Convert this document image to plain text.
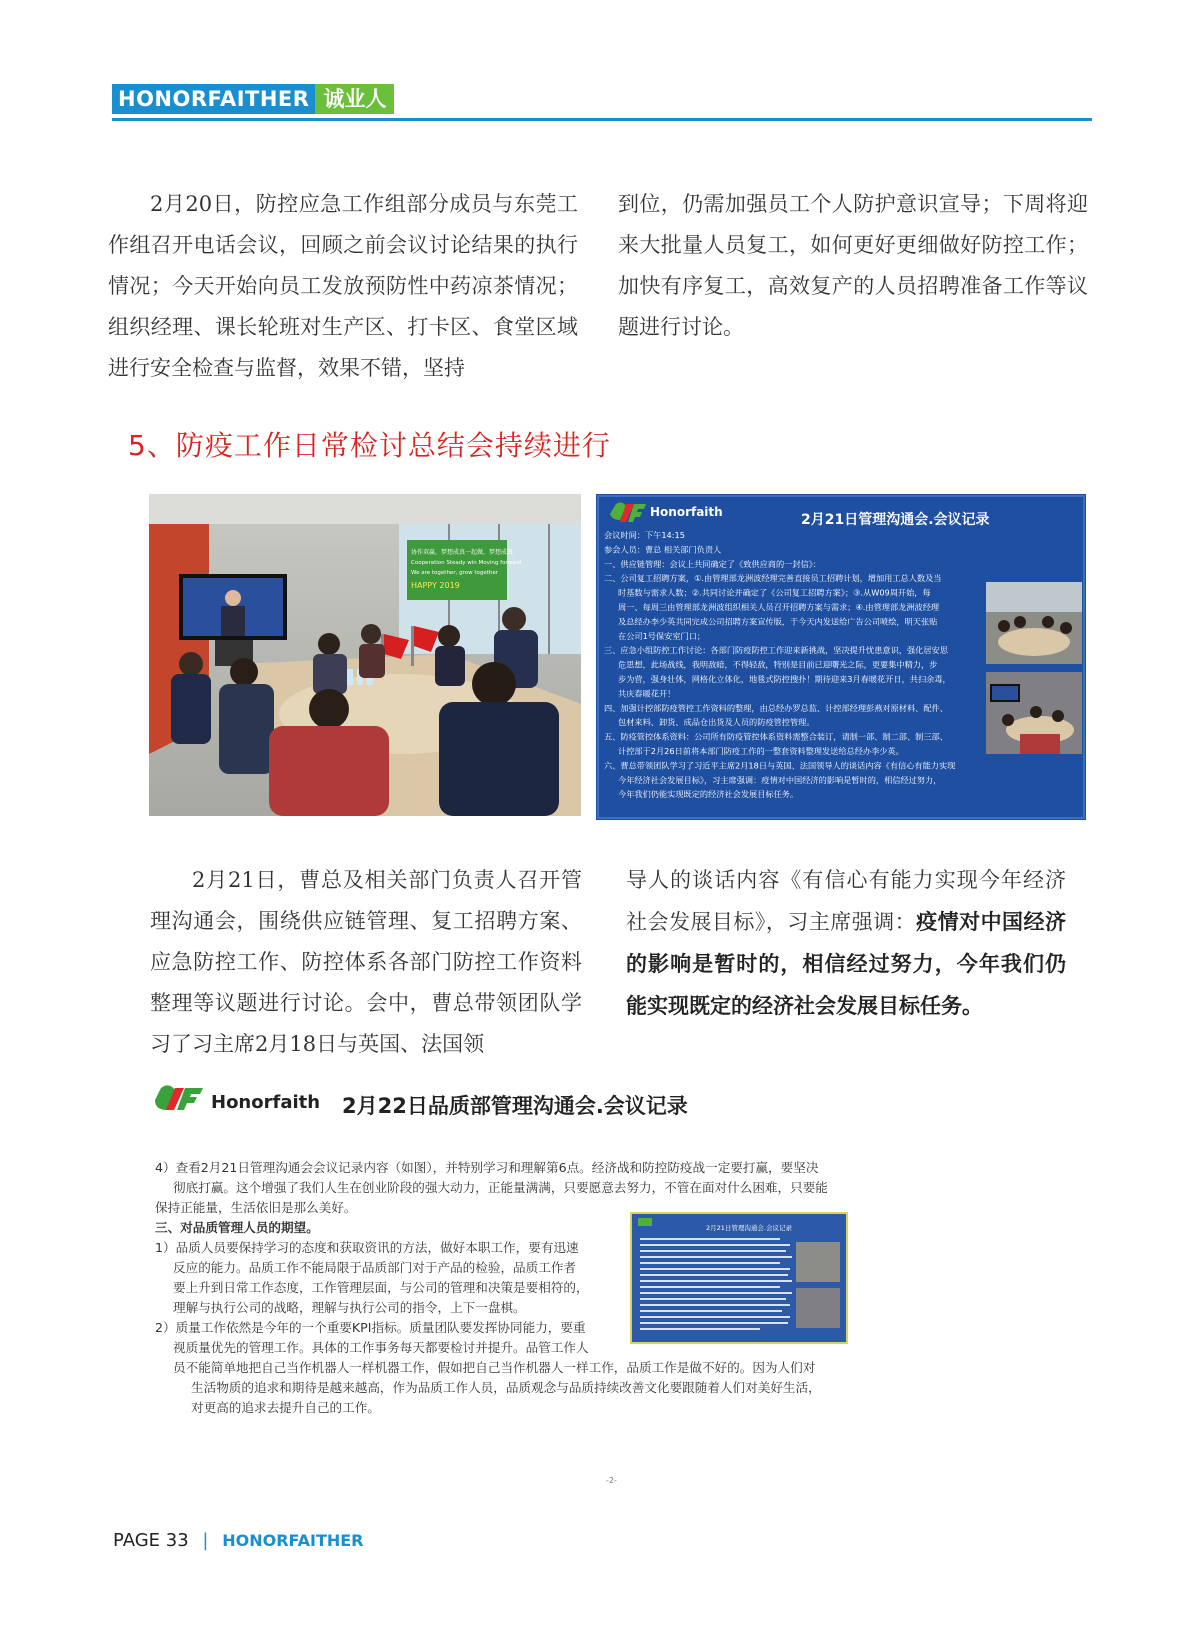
HONORFAITHER 诚业人
2月20日，防控应急工作组部分成员与东莞工作组召开电话会议，回顾之前会议讨论结果的执行情况；今天开始向员工发放预防性中药凉茶情况；组织经理、课长轮班对生产区、打卡区、食堂区域进行安全检查与监督，效果不错，坚持
到位，仍需加强员工个人防护意识宣导；下周将迎来大批量人员复工，如何更好更细做好防控工作；加快有序复工，高效复产的人员招聘准备工作等议题进行讨论。
5、防疫工作日常检讨总结会持续进行
协作双赢，梦想成真一起做，梦想成真
Cooperation Steady win Moving forward
We are together, grow together
HAPPY 2019
Honorfaith	2月21日管理沟通会.会议记录
会议时间：下午14:15
参会人员：曹总 相关部门负责人
一、供应链管理：会议上共同确定了《致供应商的一封信》：
二、公司复工招聘方案，①.由管理部龙洲波经理完善直接员工招聘计划，增加用工总人数及当
时基数与需求人数；②.共同讨论并确定了《公司复工招聘方案》；③.从W09周开始，每
周一、每周三由管理部龙洲波组织相关人员召开招聘方案与需求；④.由管理部龙洲波经理
及总经办李少英共同完成公司招聘方案宣传版，于今天内发送给广告公司喷绘，明天张贴
在公司1号保安室门口；
三、应急小组防控工作讨论：各部门防疫防控工作迎来新挑战，坚决提升忧患意识，强化居安思
危思想，此场战线，我明敌暗，不得轻敌，特别是目前已迎曙光之际，更要集中精力，步
步为营，强身壮体，网格化立体化，地毯式防控搜扑！期待迎来3月春暖花开日，共扫余毒，
共庆春暖花开！
四、加强计控部防疫管控工作资料的整理，由总经办罗总监、计控部经理彭燕对原材料、配件、
包材来料、卸货、成品仓出货及人员的防疫管控管理。
五、防疫管控体系资料：公司所有防疫管控体系资料需整合装订，请制一部、制二部、制三部、
计控部于2月26日前将本部门防疫工作的一整套资料整理发送给总经办李少英。
六、曹总带领团队学习了习近平主席2月18日与英国、法国领导人的谈话内容《有信心有能力实现
今年经济社会发展目标》，习主席强调：疫情对中国经济的影响是暂时的，相信经过努力，
今年我们仍能实现既定的经济社会发展目标任务。
2月21日，曹总及相关部门负责人召开管理沟通会，围绕供应链管理、复工招聘方案、应急防控工作、防控体系各部门防控工作资料整理等议题进行讨论。会中，曹总带领团队学习了习主席2月18日与英国、法国领
导人的谈话内容《有信心有能力实现今年经济社会发展目标》，习主席强调：疫情对中国经济的影响是暂时的，相信经过努力，今年我们仍能实现既定的经济社会发展目标任务。
Honorfaith 2月22日品质部管理沟通会.会议记录
4）查看2月21日管理沟通会会议记录内容（如图），并特别学习和理解第6点。经济战和防控防疫战一定要打赢，要坚决
彻底打赢。这个增强了我们人生在创业阶段的强大动力，正能量满满，只要愿意去努力，不管在面对什么困难，只要能
保持正能量，生活依旧是那么美好。
三、对品质管理人员的期望。
1）品质人员要保持学习的态度和获取资讯的方法，做好本职工作，要有迅速
反应的能力。品质工作不能局限于品质部门对于产品的检验，品质工作者
要上升到日常工作态度，工作管理层面，与公司的管理和决策是要相符的，
理解与执行公司的战略，理解与执行公司的指令，上下一盘棋。
2）质量工作依然是今年的一个重要KPI指标。质量团队要发挥协同能力，要重
视质量优先的管理工作。具体的工作事务每天都要检讨并提升。品管工作人
员不能简单地把自己当作机器人一样机器工作，假如把自己当作机器人一样工作，品质工作是做不好的。因为人们对
生活物质的追求和期待是越来越高，作为品质工作人员，品质观念与品质持续改善文化要跟随着人们对美好生活，
对更高的追求去提升自己的工作。
2月21日管理沟通会.会议记录
-2-
PAGE 33 | HONORFAITHER
